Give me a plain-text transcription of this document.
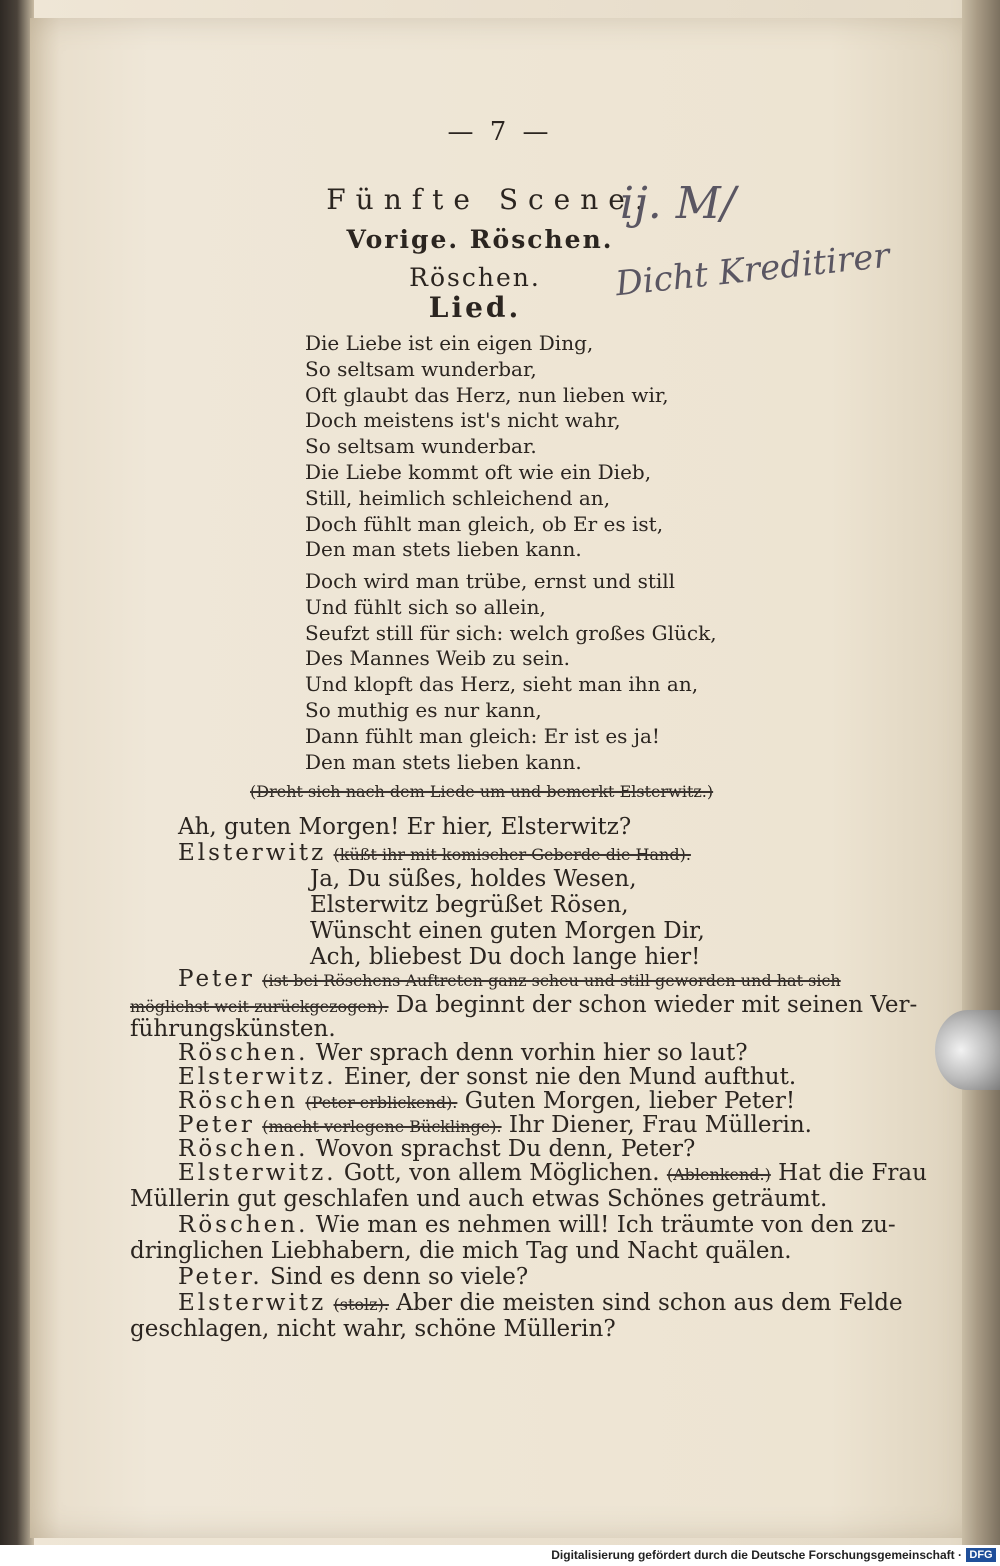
— 7 —
Fünfte Scene.
Vorige. Röschen.
Röschen.
Lied.
ij. M/
Dicht Kreditirer
Die Liebe ist ein eigen Ding,
So seltsam wunderbar,
Oft glaubt das Herz, nun lieben wir,
Doch meistens ist's nicht wahr,
So seltsam wunderbar.
Die Liebe kommt oft wie ein Dieb,
Still, heimlich schleichend an,
Doch fühlt man gleich, ob Er es ist,
Den man stets lieben kann.
Doch wird man trübe, ernst und still
Und fühlt sich so allein,
Seufzt still für sich: welch großes Glück,
Des Mannes Weib zu sein.
Und klopft das Herz, sieht man ihn an,
So muthig es nur kann,
Dann fühlt man gleich: Er ist es ja!
Den man stets lieben kann.
(Dreht sich nach dem Liede um und bemerkt Elsterwitz.)
Ah, guten Morgen! Er hier, Elsterwitz?
Elsterwitz (küßt ihr mit komischer Geberde die Hand).
Ja, Du süßes, holdes Wesen,
Elsterwitz begrüßet Rösen,
Wünscht einen guten Morgen Dir,
Ach, bliebest Du doch lange hier!
Peter (ist bei Röschens Auftreten ganz scheu und still geworden und hat sich
möglichst weit zurückgezogen). Da beginnt der schon wieder mit seinen Ver-
führungskünsten.
Röschen. Wer sprach denn vorhin hier so laut?
Elsterwitz. Einer, der sonst nie den Mund aufthut.
Röschen (Peter erblickend). Guten Morgen, lieber Peter!
Peter (macht verlegene Bücklinge). Ihr Diener, Frau Müllerin.
Röschen. Wovon sprachst Du denn, Peter?
Elsterwitz. Gott, von allem Möglichen. (Ablenkend.) Hat die Frau
Müllerin gut geschlafen und auch etwas Schönes geträumt.
Röschen. Wie man es nehmen will! Ich träumte von den zu-
dringlichen Liebhabern, die mich Tag und Nacht quälen.
Peter. Sind es denn so viele?
Elsterwitz (stolz). Aber die meisten sind schon aus dem Felde
geschlagen, nicht wahr, schöne Müllerin?
Digitalisierung gefördert durch die Deutsche Forschungsgemeinschaft · DFG
